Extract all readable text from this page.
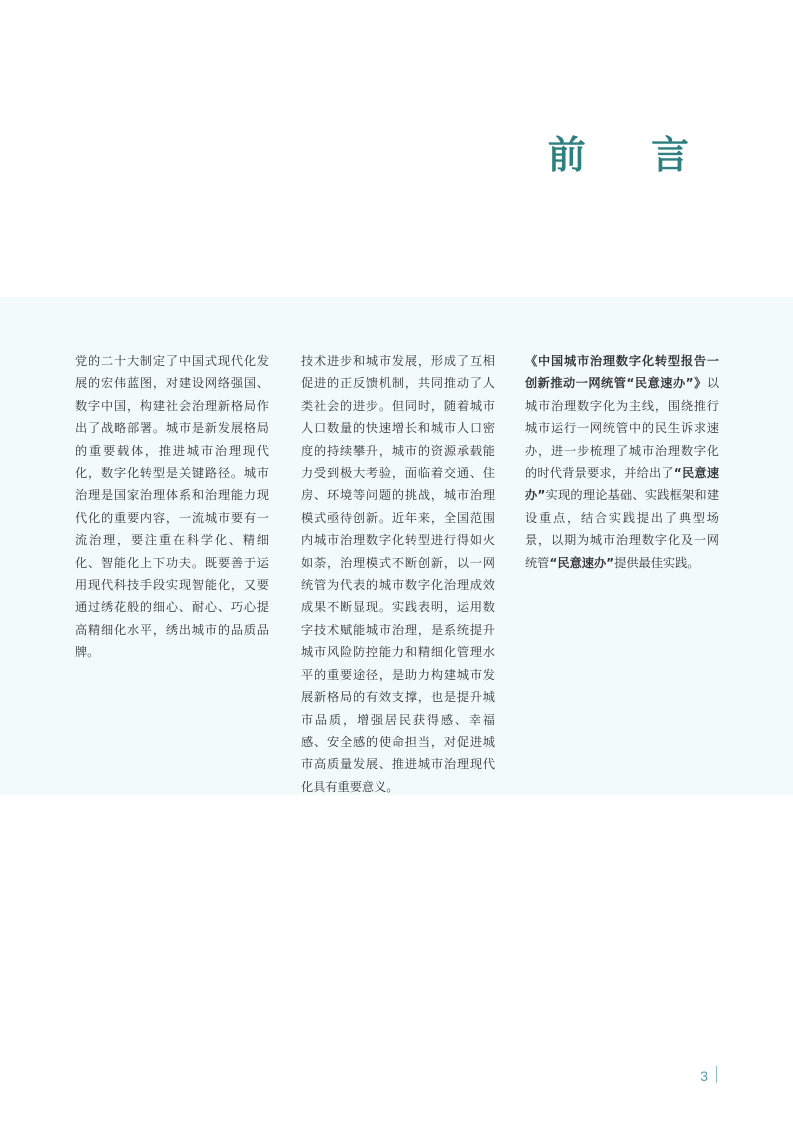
前 言

党的二十大制定了中国式现代化发展的宏伟蓝图，对建设网络强国、数字中国，构建社会治理新格局作出了战略部署。城市是新发展格局的重要载体，推进城市治理现代化，数字化转型是关键路径。城市治理是国家治理体系和治理能力现代化的重要内容，一流城市要有一流治理，要注重在科学化、精细化、智能化上下功夫。既要善于运用现代科技手段实现智能化，又要通过绣花般的细心、耐心、巧心提高精细化水平，绣出城市的品质品牌。

技术进步和城市发展，形成了互相促进的正反馈机制，共同推动了人类社会的进步。但同时，随着城市人口数量的快速增长和城市人口密度的持续攀升，城市的资源承载能力受到极大考验，面临着交通、住房、环境等问题的挑战，城市治理模式亟待创新。近年来，全国范围内城市治理数字化转型进行得如火如荼，治理模式不断创新，以一网统管为代表的城市数字化治理成效成果不断显现。实践表明，运用数字技术赋能城市治理，是系统提升城市风险防控能力和精细化管理水平的重要途径，是助力构建城市发展新格局的有效支撑，也是提升城市品质，增强居民获得感、幸福感、安全感的使命担当，对促进城市高质量发展、推进城市治理现代化具有重要意义。

《中国城市治理数字化转型报告一创新推动一网统管“民意速办”》以城市治理数字化为主线，围绕推行城市运行一网统管中的民生诉求速办，进一步梳理了城市治理数字化的时代背景要求，并给出了“民意速办”实现的理论基础、实践框架和建设重点，结合实践提出了典型场景，以期为城市治理数字化及一网统管“民意速办”提供最佳实践。

3
